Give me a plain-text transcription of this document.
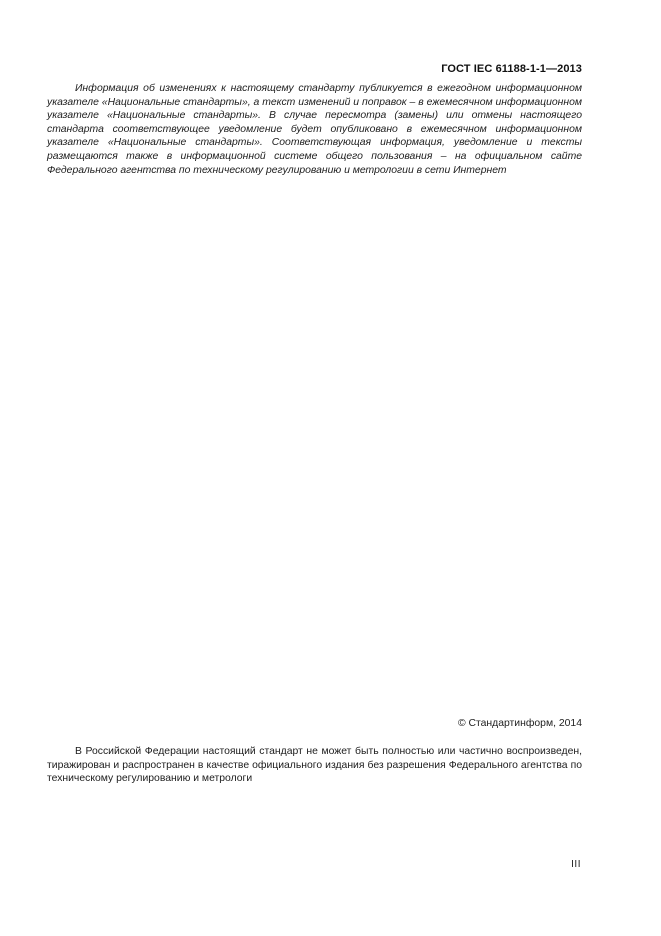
ГОСТ IEC 61188-1-1—2013

Информация об изменениях к настоящему стандарту публикуется в ежегодном информационном указателе «Национальные стандарты», а текст изменений и поправок – в ежемесячном информационном указателе «Национальные стандарты». В случае пересмотра (замены) или отмены настоящего стандарта соответствующее уведомление будет опубликовано в ежемесячном информационном указателе «Национальные стандарты». Соответствующая информация, уведомление и тексты размещаются также в информационной системе общего пользования – на официальном сайте Федерального агентства по техническому регулированию и метрологии в сети Интернет

© Стандартинформ, 2014

В Российской Федерации настоящий стандарт не может быть полностью или частично воспроизведен, тиражирован и распространен в качестве официального издания без разрешения Федерального агентства по техническому регулированию и метрологи

III
